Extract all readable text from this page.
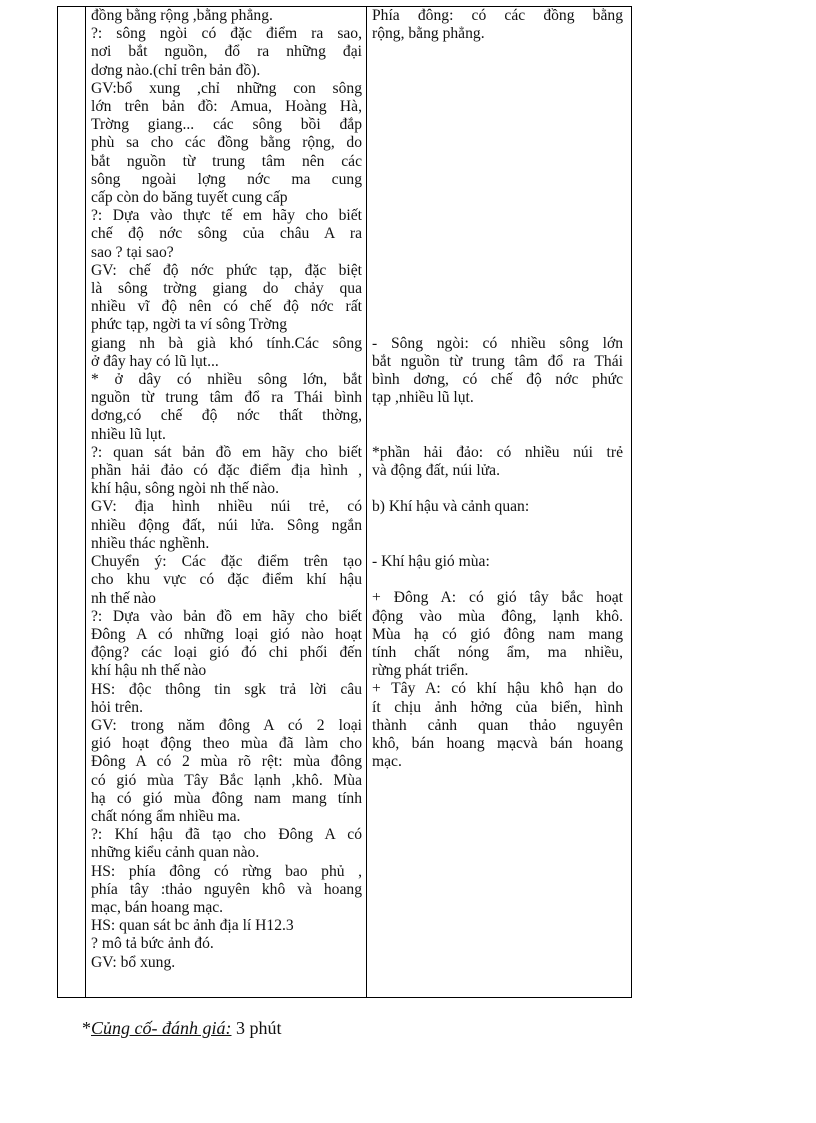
đồng bằng rộng ,bằng phẳng.
?: sông ngòi có đặc điểm ra sao,
nơi bắt nguồn, đổ ra những đại
dơng nào.(chỉ trên bản đồ).
GV:bổ xung ,chỉ những con sông
lớn trên bản đồ: Amua, Hoàng Hà,
Trờng giang... các sông bồi đắp
phù sa cho các đồng bằng rộng, do
bắt nguồn từ trung tâm nên các
sông ngoài lợng nớc ma cung
cấp còn do băng tuyết cung cấp
?: Dựa vào thực tế em hãy cho biết
chế độ nớc sông của châu A ra
sao ? tại sao?
GV: chế độ nớc phức tạp, đặc biệt
là sông trờng giang do chảy qua
nhiều vĩ độ nên có chế độ nớc rất
phức tạp, ngời ta ví sông Trờng
giang nh bà già khó tính.Các sông
ở đây hay có lũ lụt...
* ở dây có nhiều sông lớn, bắt
nguồn từ trung tâm đổ ra Thái bình
dơng,có chế độ nớc thất thờng,
nhiều lũ lụt.
?: quan sát bản đồ em hãy cho biết
phần hải đảo có đặc điểm địa hình ,
khí hậu, sông ngòi nh thế nào.
GV: địa hình nhiều núi trẻ, có
nhiều động đất, núi lửa. Sông ngắn
nhiều thác nghềnh.
Chuyển ý: Các đặc điểm trên tạo
cho khu vực có đặc điểm khí hậu
nh thế nào
?: Dựa vào bản đồ em hãy cho biết
Đông A có những loại gió nào hoạt
động? các loại gió đó chi phối đến
khí hậu nh thế nào
HS: độc thông tin sgk trả lời câu
hỏi trên.
GV: trong năm đông A có 2 loại
gió hoạt động theo mùa đã làm cho
Đông A có 2 mùa rõ rệt: mùa đông
có gió mùa Tây Bắc lạnh ,khô. Mùa
hạ có gió mùa đông nam mang tính
chất nóng ẩm nhiều ma.
?: Khí hậu đã tạo cho Đông A có
những kiểu cảnh quan nào.
HS: phía đông có rừng bao phủ ,
phía tây :thảo nguyên khô và hoang
mạc, bán hoang mạc.
HS: quan sát bc ảnh địa lí H12.3
? mô tả bức ảnh đó.
GV: bổ xung.
Phía đông: có các đồng bằng
rộng, bằng phẳng.
- Sông ngòi: có nhiều sông lớn
bắt nguồn từ trung tâm đổ ra Thái
bình dơng, có chế độ nớc phức
tạp ,nhiều lũ lụt.
*phần hải đảo: có nhiều núi trẻ
và động đất, núi lửa.
b) Khí hậu và cảnh quan:
- Khí hậu gió mùa:
+ Đông A: có gió tây bắc hoạt
động vào mùa đông, lạnh khô.
Mùa hạ có gió đông nam mang
tính chất nóng ẩm, ma nhiều,
rừng phát triển.
+ Tây A: có khí hậu khô hạn do
ít chịu ảnh hởng của biển, hình
thành cảnh quan thảo nguyên
khô, bán hoang mạcvà bán hoang
mạc.
*Củng cố- đánh giá: 3 phút
